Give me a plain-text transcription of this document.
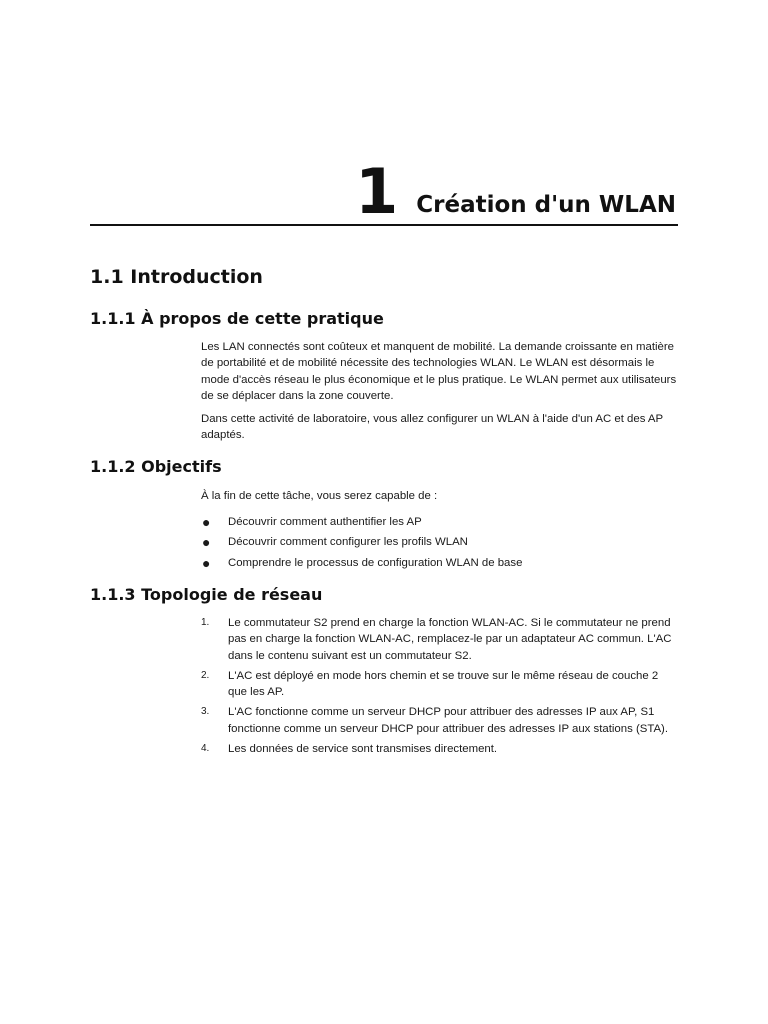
1 Création d'un WLAN
1.1 Introduction
1.1.1 À propos de cette pratique

Les LAN connectés sont coûteux et manquent de mobilité. La demande croissante en matière de portabilité et de mobilité nécessite des technologies WLAN. Le WLAN est désormais le mode d'accès réseau le plus économique et le plus pratique. Le WLAN permet aux utilisateurs de se déplacer dans la zone couverte.

Dans cette activité de laboratoire, vous allez configurer un WLAN à l'aide d'un AC et des AP adaptés.

1.1.2 Objectifs

À la fin de cette tâche, vous serez capable de :

● Découvrir comment authentifier les AP
● Découvrir comment configurer les profils WLAN
● Comprendre le processus de configuration WLAN de base
1.1.3 Topologie de réseau
1. Le commutateur S2 prend en charge la fonction WLAN-AC. Si le commutateur ne prend pas en charge la fonction WLAN-AC, remplacez-le par un adaptateur AC commun. L'AC dans le contenu suivant est un commutateur S2.
2. L'AC est déployé en mode hors chemin et se trouve sur le même réseau de couche 2 que les AP.
3. L'AC fonctionne comme un serveur DHCP pour attribuer des adresses IP aux AP, S1 fonctionne comme un serveur DHCP pour attribuer des adresses IP aux stations (STA).
4. Les données de service sont transmises directement.
